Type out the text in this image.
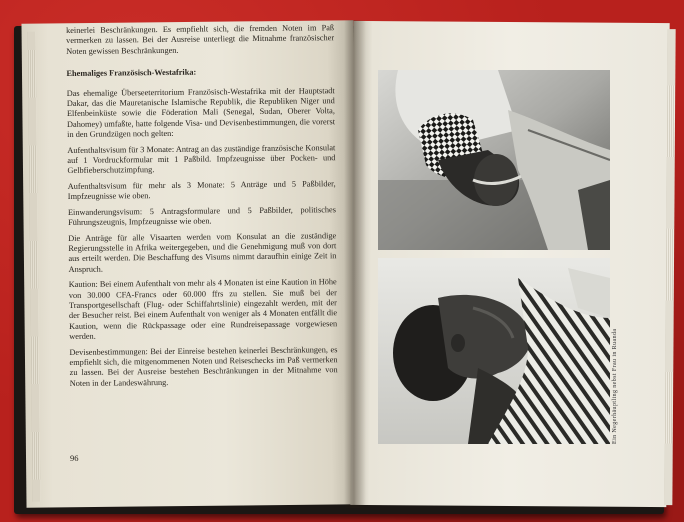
keinerlei Beschränkungen. Es empfiehlt sich, die fremden Noten im Paß vermerken zu lassen. Bei der Ausreise unterliegt die Mitnahme französischer Noten gewissen Beschränkungen.

Ehemaliges Französisch-Westafrika:

Das ehemalige Überseeterritorium Französisch-Westafrika mit der Hauptstadt Dakar, das die Mauretanische Islamische Republik, die Republiken Niger und Elfenbeinküste sowie die Föderation Mali (Senegal, Sudan, Oberer Volta, Dahomey) umfaßte, hatte folgende Visa- und Devisenbestimmungen, die vorerst in den Grundzügen noch gelten:

Aufenthaltsvisum für 3 Monate: Antrag an das zuständige französische Konsulat auf 1 Vordruckformular mit 1 Paßbild. Impfzeugnisse über Pocken- und Gelbfieberschutzimpfung.

Aufenthaltsvisum für mehr als 3 Monate: 5 Anträge und 5 Paßbilder, Impfzeugnisse wie oben.

Einwanderungsvisum: 5 Antragsformulare und 5 Paßbilder, politisches Führungszeugnis, Impfzeugnisse wie oben.

Die Anträge für alle Visaarten werden vom Konsulat an die zuständige Regierungsstelle in Afrika weitergegeben, und die Genehmigung muß von dort aus erteilt werden. Die Beschaffung des Visums nimmt daraufhin einige Zeit in Anspruch.

Kaution: Bei einem Aufenthalt von mehr als 4 Monaten ist eine Kaution in Höhe von 30.000 CFA-Francs oder 60.000 ffrs zu stellen. Sie muß bei der Transportgesellschaft (Flug- oder Schiffahrtslinie) eingezahlt werden, mit der der Besucher reist. Bei einem Aufenthalt von weniger als 4 Monaten entfällt die Kaution, wenn die Rückpassage oder eine Rundreisepassage vorgewiesen werden.

Devisenbestimmungen: Bei der Einreise bestehen keinerlei Beschränkungen, es empfiehlt sich, die mitgenommenen Noten und Reiseschecks im Paß vermerken zu lassen. Bei der Ausreise bestehen Beschränkungen in der Mitnahme von Noten in der Landeswährung.

96
Ein Negerhäuptling nebst Frau in Ruanda
